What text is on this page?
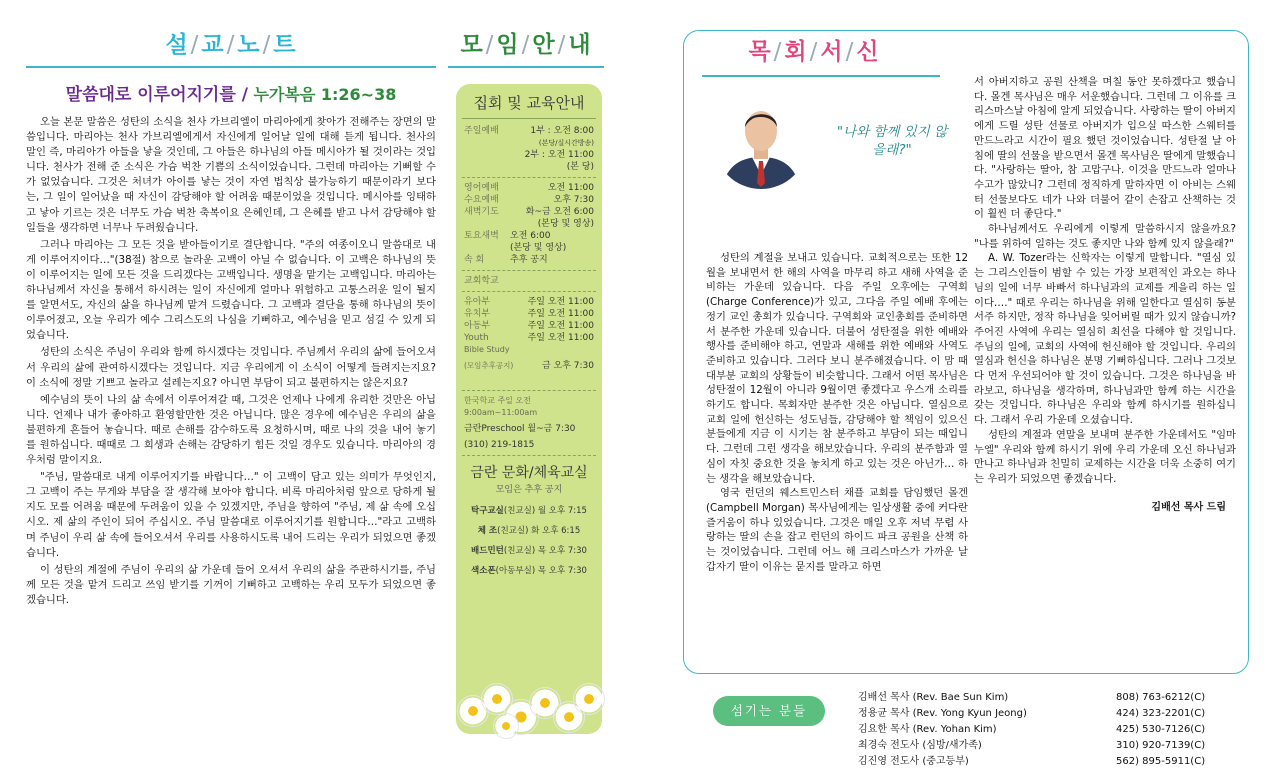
설/교/노/트
말씀대로 이루어지기를 / 누가복음 1:26~38

오늘 본문 말씀은 성탄의 소식을 천사 가브리엘이 마리아에게 찾아가 전해주는 장면의 말씀입니다. 마리아는 천사 가브리엘에게서 자신에게 일어날 일에 대해 듣게 됩니다. 천사의 말인 즉, 마리아가 아들을 낳을 것인데, 그 아들은 하나님의 아들 메시아가 될 것이라는 것입니다. 천사가 전해 준 소식은 가슴 벅찬 기쁨의 소식이었습니다. 그런데 마리아는 기뻐할 수가 없었습니다. 그것은 처녀가 아이를 낳는 것이 자연 법칙상 불가능하기 때문이라기 보다는, 그 일이 일어났을 때 자신이 감당해야 할 어려움 때문이었을 것입니다. 메시아를 잉태하고 낳아 기르는 것은 너무도 가슴 벅찬 축복이요 은혜인데, 그 은혜를 받고 나서 감당해야 할 일들을 생각하면 너무나 두려웠습니다.

그러나 마리아는 그 모든 것을 받아들이기로 결단합니다. "주의 여종이오니 말씀대로 내게 이루어지이다…"(38절) 참으로 놀라운 고백이 아닐 수 없습니다. 이 고백은 하나님의 뜻이 이루어지는 일에 모든 것을 드리겠다는 고백입니다. 생명을 맡기는 고백입니다. 마리아는 하나님께서 자신을 통해서 하시려는 일이 자신에게 얼마나 위험하고 고통스러운 일이 될지를 알면서도, 자신의 삶을 하나님께 맡겨 드렸습니다. 그 고백과 결단을 통해 하나님의 뜻이 이루어졌고, 오늘 우리가 예수 그리스도의 나심을 기뻐하고, 예수님을 믿고 섬길 수 있게 되었습니다.

성탄의 소식은 주님이 우리와 함께 하시겠다는 것입니다. 주님께서 우리의 삶에 들어오셔서 우리의 삶에 관여하시겠다는 것입니다. 지금 우리에게 이 소식이 어떻게 들려지는지요? 이 소식에 정말 기쁘고 놀라고 설레는지요? 아니면 부담이 되고 불편하지는 않은지요?

예수님의 뜻이 나의 삶 속에서 이루어져갈 때, 그것은 언제나 나에게 유리한 것만은 아닙니다. 언제나 내가 좋아하고 환영할만한 것은 아닙니다. 많은 경우에 예수님은 우리의 삶을 불편하게 흔들어 놓습니다. 때로 손해를 감수하도록 요청하시며, 때로 나의 것을 내어 놓기를 원하십니다. 때때로 그 희생과 손해는 감당하기 힘든 것일 경우도 있습니다. 마리아의 경우처럼 말이지요.

"주님, 말씀대로 내게 이루어지기를 바랍니다…" 이 고백이 담고 있는 의미가 무엇인지, 그 고백이 주는 무게와 부담을 잘 생각해 보아야 합니다. 비록 마리아처럼 앞으로 당하게 될지도 모를 어려움 때문에 두려움이 있을 수 있겠지만, 주님을 향하여 "주님, 제 삶 속에 오십시오. 제 삶의 주인이 되어 주십시오. 주님 말씀대로 이루어지기를 원합니다…"라고 고백하며 주님이 우리 삶 속에 들어오셔서 우리를 사용하시도록 내어 드리는 우리가 되었으면 좋겠습니다.

이 성탄의 계절에 주님이 우리의 삶 가운데 들어 오셔서 우리의 삶을 주관하시기를, 주님께 모든 것을 맡겨 드리고 쓰임 받기를 기꺼이 기뻐하고 고백하는 우리 모두가 되었으면 좋겠습니다.

모/임/안/내
집회 및 교육안내
주일예배	1부 : 오전 8:00
(본당/실시간방송)
2부 : 오전 11:00
(본 당)
영어예배	오전 11:00
수요예배	오후 7:30
새벽기도	화~금 오전 6:00
(본당 및 영상)
토요새벽	오전 6:00
(본당 및 영상)
속 회	추후 공지
교회학교
유아부	주일 오전 11:00
유치부	주일 오전 11:00
아동부	주일 오전 11:00
Youth	주일 오전 11:00
Bible Study
(모임추후공지)	금 오후 7:30
한국학교 주일 오전 9:00am~11:00am
금란Preschool 월~금 7:30
(310) 219-1815
금란 문화/체육교실
모임은 추후 공지
탁구교실(친교실) 월 오후 7:15
체 조(친교실) 화 오후 6:15
배드민턴(친교실) 목 오후 7:30
색소폰(아동부실) 목 오후 7:30
목/회/서/신
"나와 함께 있지 않을래?"

성탄의 계절을 보내고 있습니다. 교회적으로는 또한 12월을 보내면서 한 해의 사역을 마무리 하고 새해 사역을 준비하는 가운데 있습니다. 다음 주일 오후에는 구역회(Charge Conference)가 있고, 그다음 주일 예배 후에는 정기 교인 총회가 있습니다. 구역회와 교인총회를 준비하면서 분주한 가운데 있습니다. 더불어 성탄절을 위한 예배와 행사를 준비해야 하고, 연말과 새해를 위한 예배와 사역도 준비하고 있습니다. 그러다 보니 분주해졌습니다. 이 맘 때 대부분 교회의 상황들이 비슷합니다. 그래서 어떤 목사님은 성탄절이 12월이 아니라 9월이면 좋겠다고 우스개 소리를 하기도 합니다. 목회자만 분주한 것은 아닙니다. 열심으로 교회 일에 헌신하는 성도님들, 감당해야 할 책임이 있으신 분들에게 지금 이 시기는 참 분주하고 부담이 되는 때입니다. 그런데 그런 생각을 해보았습니다. 우리의 분주함과 열심이 자칫 중요한 것을 놓치게 하고 있는 것은 아닌가… 하는 생각을 해보았습니다.

영국 런던의 웨스트민스터 채플 교회를 담임했던 몰겐(Campbell Morgan) 목사님에게는 일상생활 중에 커다란 즐거움이 하나 있었습니다. 그것은 매일 오후 저녁 무렵 사랑하는 딸의 손을 잡고 런던의 하이드 파크 공원을 산책 하는 것이었습니다. 그런데 어느 해 크리스마스가 가까운 날 갑자기 딸이 이유는 묻지를 말라고 하면

서 아버지하고 공원 산책을 며칠 동안 못하겠다고 했습니다. 몰겐 목사님은 매우 서운했습니다. 그런데 그 이유를 크리스마스날 아침에 알게 되었습니다. 사랑하는 딸이 아버지에게 드릴 성탄 선물로 아버지가 입으실 따스한 스웨터를 만드느라고 시간이 필요 했던 것이었습니다. 성탄절 날 아침에 딸의 선물을 받으면서 몰겐 목사님은 딸에게 말했습니다. "사랑하는 딸아, 참 고맙구나. 이것을 만드느라 얼마나 수고가 많았니? 그런데 정직하게 말하자면 이 아비는 스웨터 선물보다도 네가 나와 더불어 같이 손잡고 산책하는 것이 훨씬 더 좋단다."

하나님께서도 우리에게 이렇게 말씀하시지 않을까요? "나를 위하여 일하는 것도 좋지만 나와 함께 있지 않을래?"

A. W. Tozer라는 신학자는 이렇게 말합니다. "열심 있는 그리스인들이 범할 수 있는 가장 보편적인 과오는 하나님의 일에 너무 바빠서 하나님과의 교제를 게을리 하는 일이다…." 때로 우리는 하나님을 위해 일한다고 열심히 동분서주 하지만, 정작 하나님을 잊어버릴 때가 있지 않습니까? 주어진 사역에 우리는 열심히 최선을 다해야 할 것입니다. 주님의 일에, 교회의 사역에 헌신해야 할 것입니다. 우리의 열심과 헌신을 하나님은 분명 기뻐하십니다. 그러나 그것보다 먼저 우선되어야 할 것이 있습니다. 그것은 하나님을 바라보고, 하나님을 생각하며, 하나님과만 함께 하는 시간을 갖는 것입니다. 하나님은 우리와 함께 하시기를 원하십니다. 그래서 우리 가운데 오셨습니다.

성탄의 계절과 연말을 보내며 분주한 가운데서도 "임마누엘" 우리와 함께 하시기 위에 우리 가운데 오신 하나님과 만나고 하나님과 친밀히 교제하는 시간을 더욱 소중히 여기는 우리가 되었으면 좋겠습니다.

김배선 목사 드림
섬기는 분들
김배선 목사 (Rev. Bae Sun Kim)	808) 763-6212(C)
정용균 목사 (Rev. Yong Kyun Jeong)	424) 323-2201(C)
김요한 목사 (Rev. Yohan Kim)	425) 530-7126(C)
최경숙 전도사 (심방/새가족)	310) 920-7139(C)
김진영 전도사 (중고등부)	562) 895-5911(C)
